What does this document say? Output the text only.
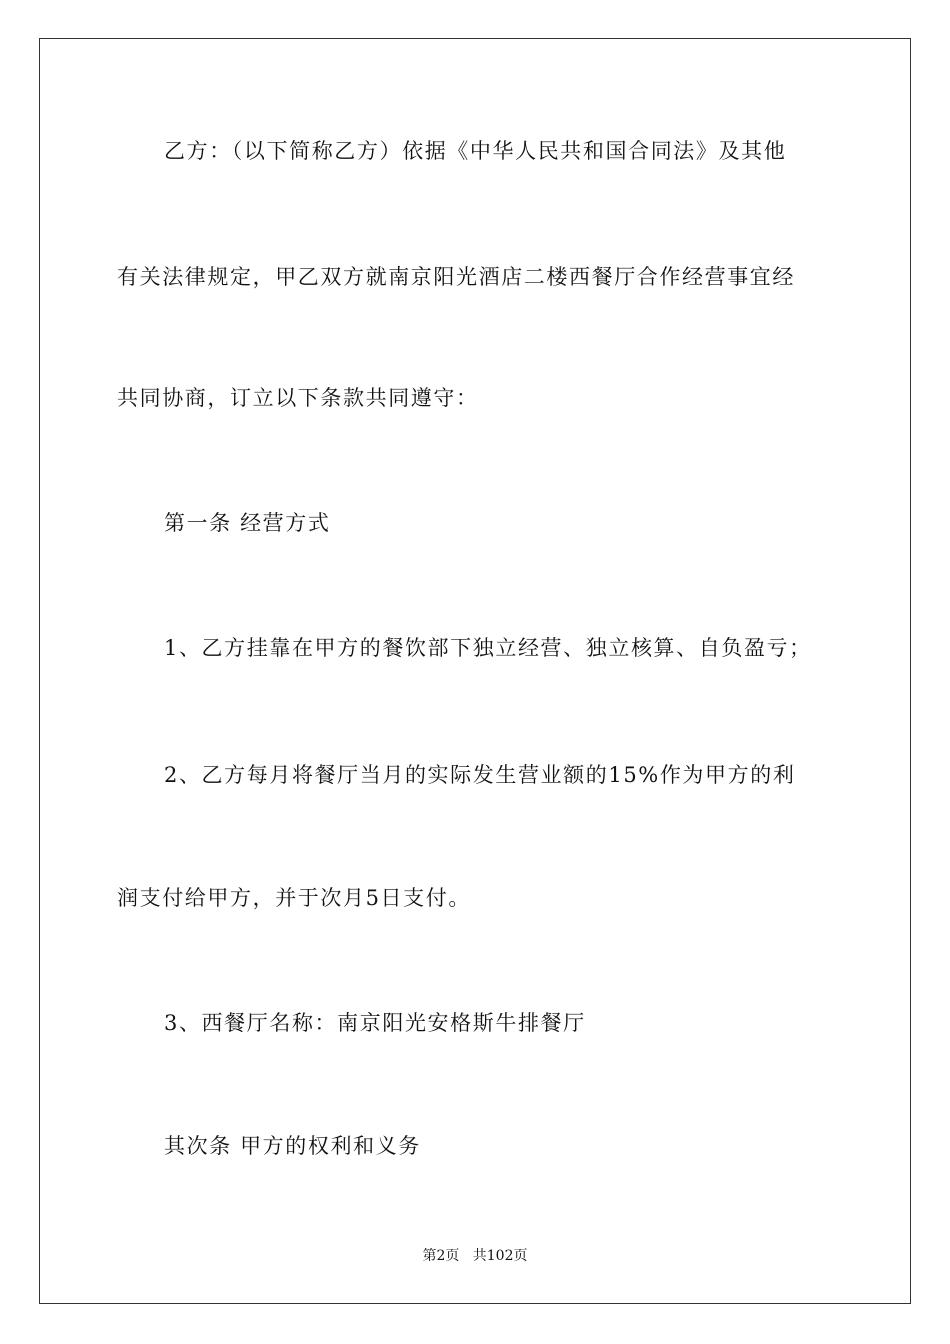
乙方：（以下简称乙方）依据《中华人民共和国合同法》及其他
有关法律规定，甲乙双方就南京阳光酒店二楼西餐厅合作经营事宜经
共同协商，订立以下条款共同遵守：
第一条 经营方式
1、乙方挂靠在甲方的餐饮部下独立经营、独立核算、自负盈亏；
2、乙方每月将餐厅当月的实际发生营业额的15%作为甲方的利
润支付给甲方，并于次月5日支付。
3、西餐厅名称：南京阳光安格斯牛排餐厅
其次条 甲方的权利和义务
第2页   共102页
